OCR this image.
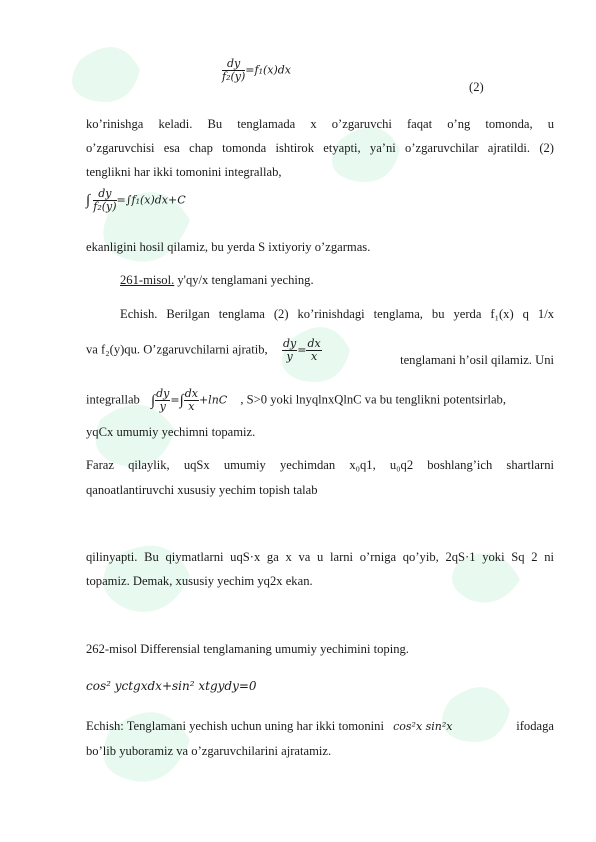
$\frac{dy}{\text{f₂(y)}} =f_1(x)dx$
(2)
ko’rinishga keladi. Bu tenglamada x o’zgaruvchi faqat o’ng tomonda, u
o’zgaruvchisi esa chap tomonda ishtirok etyapti, ya’ni o’zgaruvchilar ajratildi. (2)
tenglikni har ikki tomonini integrallab,
∫ $\frac{dy}{\text{f₂(y)}} =\int f_1(x)dx+C$
ekanligini hosil qilamiz, bu yerda S ixtiyoriy o’zgarmas.
261-misol. y'qy/x tenglamani yeching.
Echish. Berilgan tenglama (2) ko’rinishdagi tenglama, bu yerda f₁(x) q 1/x
va f₂(y)qu. O’zgaruvchilarni ajratib, $\frac{dy}{y} = \frac{dx}{x}$	tenglamani h’osil qilamiz. Uni
integrallab ∫ $\frac{dy}{y}$ =∫ $\frac{dx}{x} +\ln C$ , S>0 yoki lnyqlnxQlnC va bu tenglikni potentsirlab,
yqCx umumiy yechimni topamiz.
Faraz qilaylik, uqSx umumiy yechimdan x₀q1, u₀q2 boshlang’ich shartlarni
qanoatlantiruvchi xususiy yechim topish talab
qilinyapti. Bu qiymatlarni uqS·x ga x va u larni o’rniga qo’yib, 2qS·1 yoki Sq 2 ni
topamiz. Demak, xususiy yechim yq2x ekan.
262-misol Differensial tenglamaning umumiy yechimini toping.
cos² yctgxdx+sin² xtgydy=0
Echish: Tenglamani yechish uchun uning har ikki tomonini cos²x sin²x	ifodaga
bo’lib yuboramiz va o’zgaruvchilarini ajratamiz.
